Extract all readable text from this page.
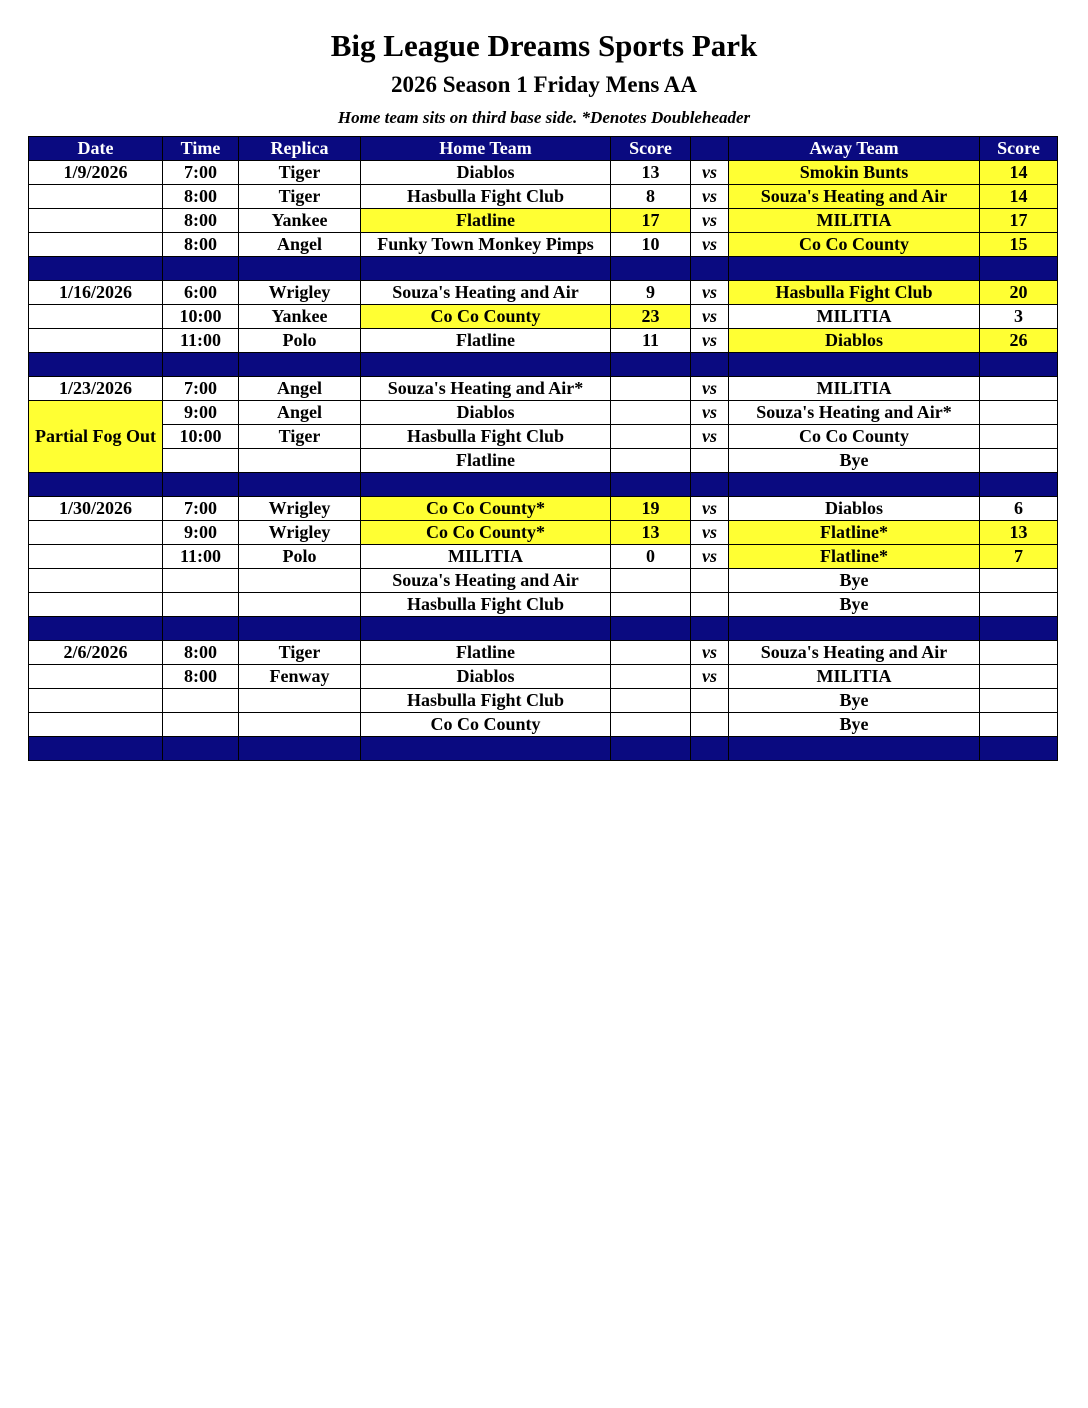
Big League Dreams Sports Park
2026 Season 1 Friday Mens AA
Home team sits on third base side. *Denotes Doubleheader
Date	Time	Replica	Home Team	Score		Away Team	Score
1/9/2026	7:00	Tiger	Diablos	13	vs	Smokin Bunts	14
	8:00	Tiger	Hasbulla Fight Club	8	vs	Souza's Heating and Air	14
	8:00	Yankee	Flatline	17	vs	MILITIA	17
	8:00	Angel	Funky Town Monkey Pimps	10	vs	Co Co County	15

1/16/2026	6:00	Wrigley	Souza's Heating and Air	9	vs	Hasbulla Fight Club	20
	10:00	Yankee	Co Co County	23	vs	MILITIA	3
	11:00	Polo	Flatline	11	vs	Diablos	26

1/23/2026	7:00	Angel	Souza's Heating and Air*		vs	MILITIA	
Partial Fog Out	9:00	Angel	Diablos		vs	Souza's Heating and Air*	
	10:00	Tiger	Hasbulla Fight Club		vs	Co Co County	
			Flatline			Bye	

1/30/2026	7:00	Wrigley	Co Co County*	19	vs	Diablos	6
	9:00	Wrigley	Co Co County*	13	vs	Flatline*	13
	11:00	Polo	MILITIA	0	vs	Flatline*	7
			Souza's Heating and Air			Bye	
			Hasbulla Fight Club			Bye	

2/6/2026	8:00	Tiger	Flatline		vs	Souza's Heating and Air	
	8:00	Fenway	Diablos		vs	MILITIA	
			Hasbulla Fight Club			Bye	
			Co Co County			Bye	
